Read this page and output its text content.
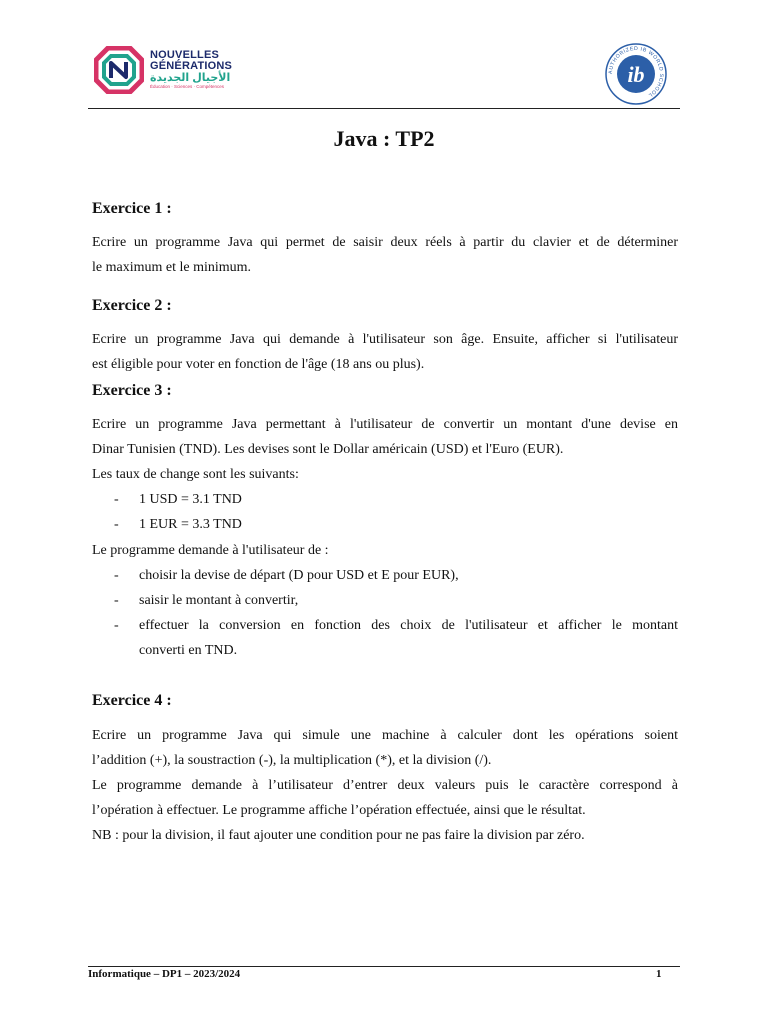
NOUVELLES
GÉNÉRATIONS
الأجيال الجديدة
Éducation · Sciences · Compétences
AUTHORIZED IB WORLD SCHOOL
ib
Java : TP2
Exercice 1 :

Ecrire un programme Java qui permet de saisir deux réels à partir du clavier et de déterminer

le maximum et le minimum.

Exercice 2 :

Ecrire un programme Java qui demande à l'utilisateur son âge. Ensuite, afficher si l'utilisateur

est éligible pour voter en fonction de l'âge (18 ans ou plus).

Exercice 3 :

Ecrire un programme Java permettant à l'utilisateur de convertir un montant d'une devise en

Dinar Tunisien (TND). Les devises sont le Dollar américain (USD) et l'Euro (EUR).

Les taux de change sont les suivants:

- 1 USD = 3.1 TND
- 1 EUR = 3.3 TND

Le programme demande à l'utilisateur de :

- choisir la devise de départ (D pour USD et E pour EUR),
- saisir le montant à convertir,
- effectuer la conversion en fonction des choix de l'utilisateur et afficher le montant
converti en TND.
Exercice 4 :

Ecrire un programme Java qui simule une machine à calculer dont les opérations soient

l’addition (+), la soustraction (-), la multiplication (*), et la division (/).

Le programme demande à l’utilisateur d’entrer deux valeurs puis le caractère correspond à

l’opération à effectuer. Le programme affiche l’opération effectuée, ainsi que le résultat.

NB : pour la division, il faut ajouter une condition pour ne pas faire la division par zéro.

Informatique – DP1 – 2023/2024	1
